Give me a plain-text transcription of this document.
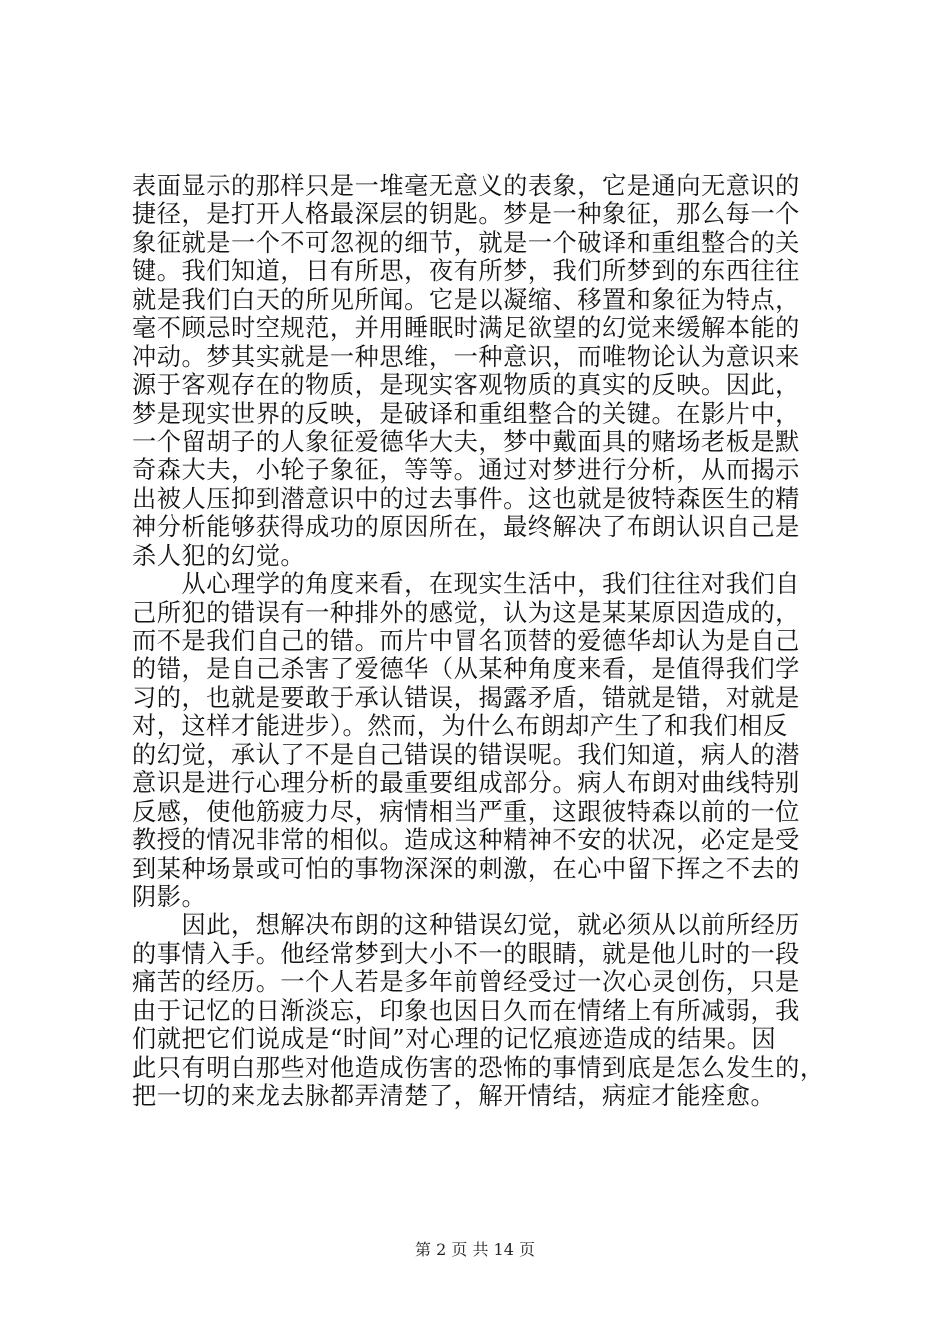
表面显示的那样只是一堆毫无意义的表象，它是通向无意识的
捷径，是打开人格最深层的钥匙。梦是一种象征，那么每一个
象征就是一个不可忽视的细节，就是一个破译和重组整合的关
键。我们知道，日有所思，夜有所梦，我们所梦到的东西往往
就是我们白天的所见所闻。它是以凝缩、移置和象征为特点，
毫不顾忌时空规范，并用睡眠时满足欲望的幻觉来缓解本能的
冲动。梦其实就是一种思维，一种意识，而唯物论认为意识来
源于客观存在的物质，是现实客观物质的真实的反映。因此，
梦是现实世界的反映，是破译和重组整合的关键。在影片中，
一个留胡子的人象征爱德华大夫，梦中戴面具的赌场老板是默
奇森大夫，小轮子象征，等等。通过对梦进行分析，从而揭示
出被人压抑到潜意识中的过去事件。这也就是彼特森医生的精
神分析能够获得成功的原因所在，最终解决了布朗认识自己是
杀人犯的幻觉。
　　从心理学的角度来看，在现实生活中，我们往往对我们自
己所犯的错误有一种排外的感觉，认为这是某某原因造成的，
而不是我们自己的错。而片中冒名顶替的爱德华却认为是自己
的错，是自己杀害了爱德华（从某种角度来看，是值得我们学
习的，也就是要敢于承认错误，揭露矛盾，错就是错，对就是
对，这样才能进步）。然而，为什么布朗却产生了和我们相反
的幻觉，承认了不是自己错误的错误呢。我们知道，病人的潜
意识是进行心理分析的最重要组成部分。病人布朗对曲线特别
反感，使他筋疲力尽，病情相当严重，这跟彼特森以前的一位
教授的情况非常的相似。造成这种精神不安的状况，必定是受
到某种场景或可怕的事物深深的刺激，在心中留下挥之不去的
阴影。
　　因此，想解决布朗的这种错误幻觉，就必须从以前所经历
的事情入手。他经常梦到大小不一的眼睛，就是他儿时的一段
痛苦的经历。一个人若是多年前曾经受过一次心灵创伤，只是
由于记忆的日渐淡忘，印象也因日久而在情绪上有所减弱，我
们就把它们说成是“时间”对心理的记忆痕迹造成的结果。因
此只有明白那些对他造成伤害的恐怖的事情到底是怎么发生的，
把一切的来龙去脉都弄清楚了，解开情结，病症才能痊愈。
第 2 页 共 14 页
